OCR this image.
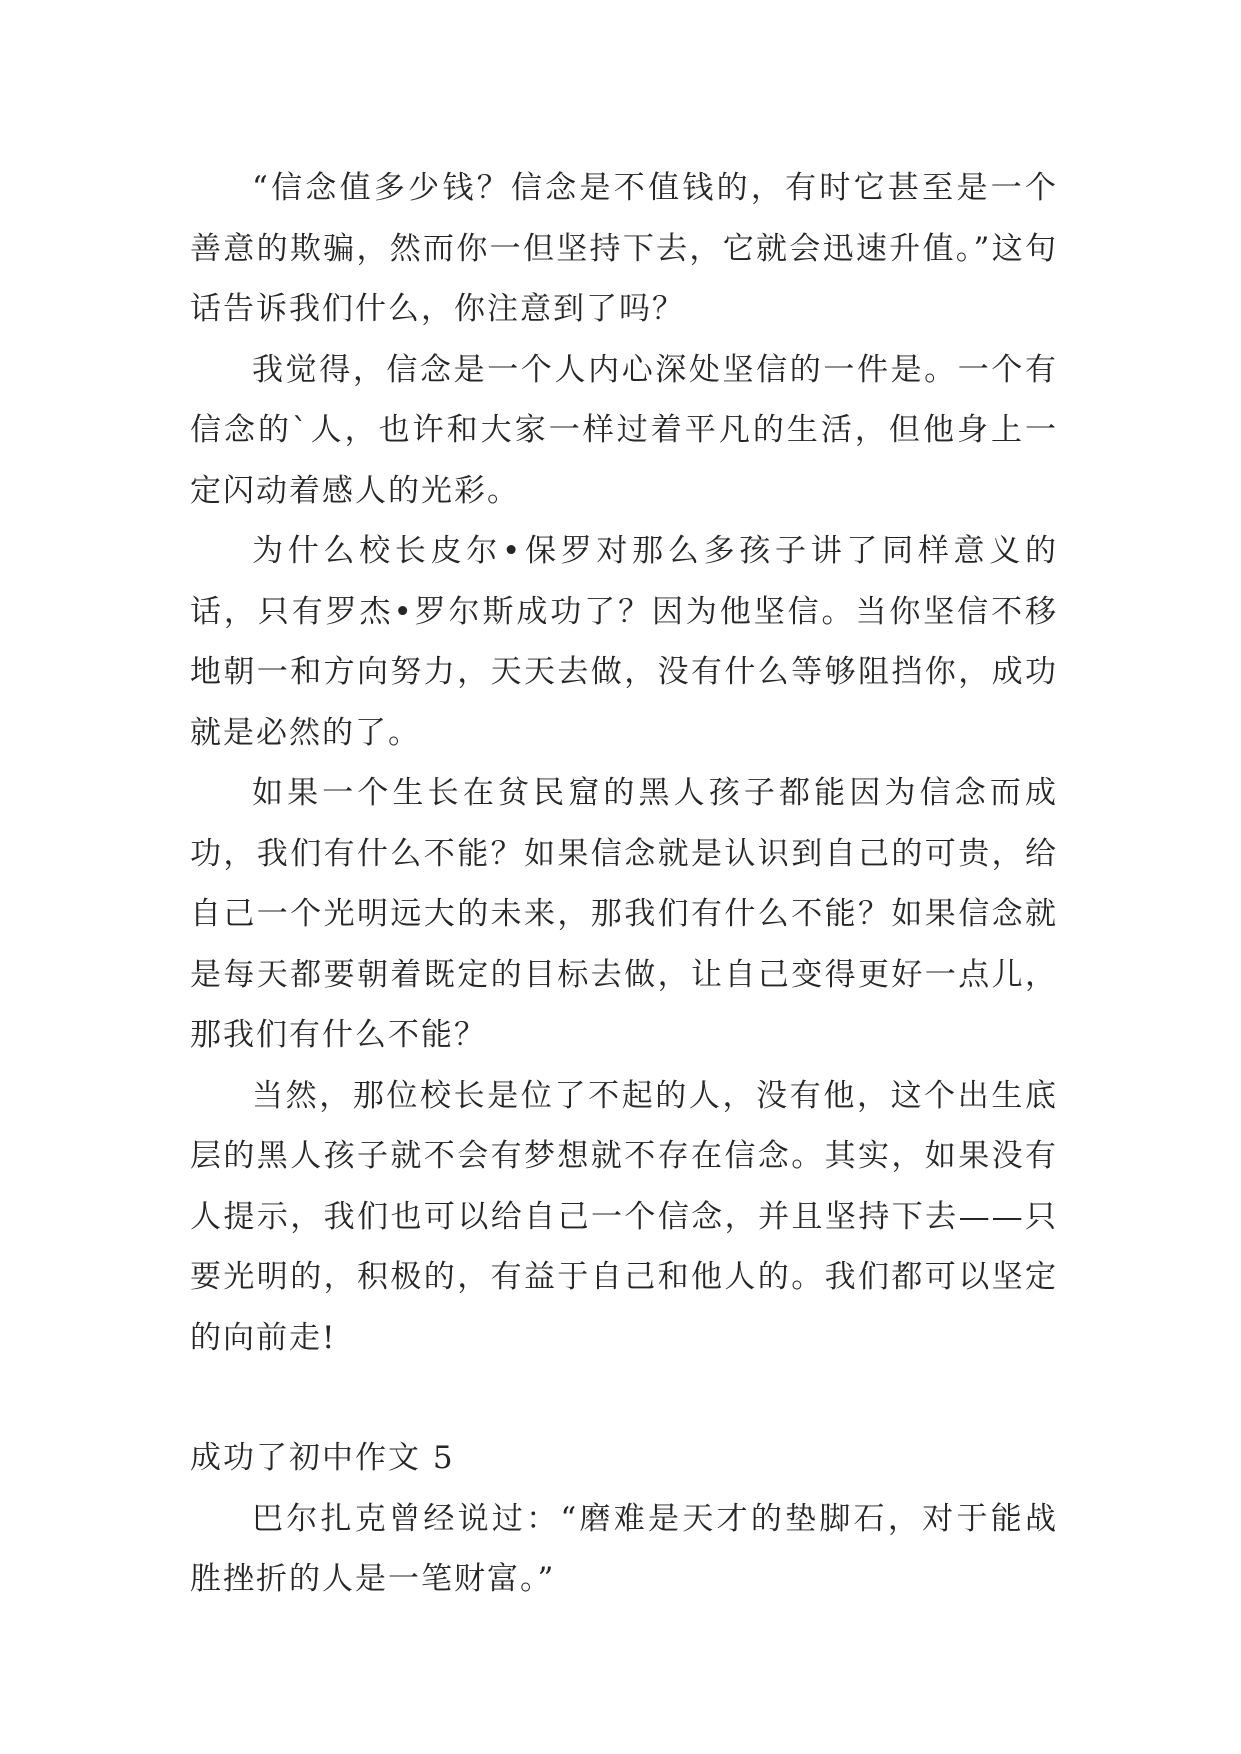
“信念值多少钱？信念是不值钱的，有时它甚至是一个善意的欺骗，然而你一但坚持下去，它就会迅速升值。”这句话告诉我们什么，你注意到了吗？

我觉得，信念是一个人内心深处坚信的一件是。一个有信念的`人，也许和大家一样过着平凡的生活，但他身上一定闪动着感人的光彩。

为什么校长皮尔•保罗对那么多孩子讲了同样意义的话，只有罗杰•罗尔斯成功了？因为他坚信。当你坚信不移地朝一和方向努力，天天去做，没有什么等够阻挡你，成功就是必然的了。

如果一个生长在贫民窟的黑人孩子都能因为信念而成功，我们有什么不能？如果信念就是认识到自己的可贵，给自己一个光明远大的未来，那我们有什么不能？如果信念就是每天都要朝着既定的目标去做，让自己变得更好一点儿，那我们有什么不能？

当然，那位校长是位了不起的人，没有他，这个出生底层的黑人孩子就不会有梦想就不存在信念。其实，如果没有人提示，我们也可以给自己一个信念，并且坚持下去——只要光明的，积极的，有益于自己和他人的。我们都可以坚定的向前走!

成功了初中作文 5

巴尔扎克曾经说过：“磨难是天才的垫脚石，对于能战胜挫折的人是一笔财富。”
